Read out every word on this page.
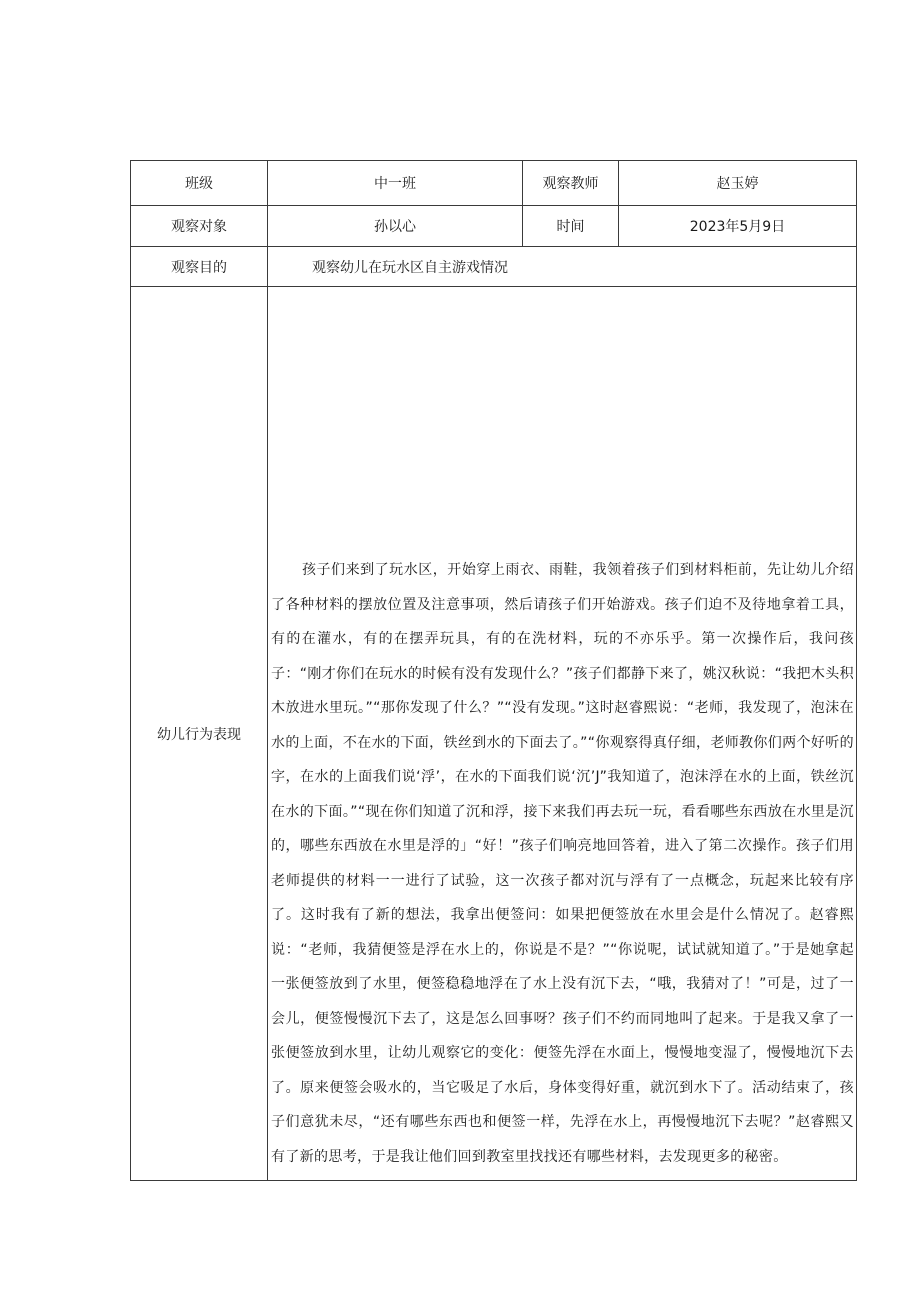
班级	中一班	观察教师	赵玉婷
观察对象	孙以心	时间	2023年5月9日
观察目的	观察幼儿在玩水区自主游戏情况		
幼儿行为表现	孩子们来到了玩水区，开始穿上雨衣、雨鞋，我领着孩子们到材料柜前，先让幼儿介绍了各种材料的摆放位置及注意事项，然后请孩子们开始游戏。孩子们迫不及待地拿着工具，有的在灌水，有的在摆弄玩具，有的在洗材料，玩的不亦乐乎。第一次操作后，我问孩子：“刚才你们在玩水的时候有没有发现什么？”孩子们都静下来了，姚汉秋说：“我把木头积木放进水里玩。”“那你发现了什么？”“没有发现。”这时赵睿熙说：“老师，我发现了，泡沫在水的上面，不在水的下面，铁丝到水的下面去了。”“你观察得真仔细，老师教你们两个好听的字，在水的上面我们说‘浮’，在水的下面我们说‘沉’J”我知道了，泡沫浮在水的上面，铁丝沉在水的下面。”“现在你们知道了沉和浮，接下来我们再去玩一玩，看看哪些东西放在水里是沉的，哪些东西放在水里是浮的」“好！”孩子们响亮地回答着，进入了第二次操作。孩子们用老师提供的材料一一进行了试验，这一次孩子都对沉与浮有了一点概念，玩起来比较有序了。这时我有了新的想法，我拿出便签问：如果把便签放在水里会是什么情况了。赵睿熙说：“老师，我猜便签是浮在水上的，你说是不是？”“你说呢，试试就知道了。”于是她拿起一张便签放到了水里，便签稳稳地浮在了水上没有沉下去，“哦，我猜对了！”可是，过了一会儿，便签慢慢沉下去了，这是怎么回事呀？孩子们不约而同地叫了起来。于是我又拿了一张便签放到水里，让幼儿观察它的变化：便签先浮在水面上，慢慢地变湿了，慢慢地沉下去了。原来便签会吸水的，当它吸足了水后，身体变得好重，就沉到水下了。活动结束了，孩子们意犹未尽，“还有哪些东西也和便签一样，先浮在水上，再慢慢地沉下去呢？”赵睿熙又有了新的思考，于是我让他们回到教室里找找还有哪些材料，去发现更多的秘密。		
